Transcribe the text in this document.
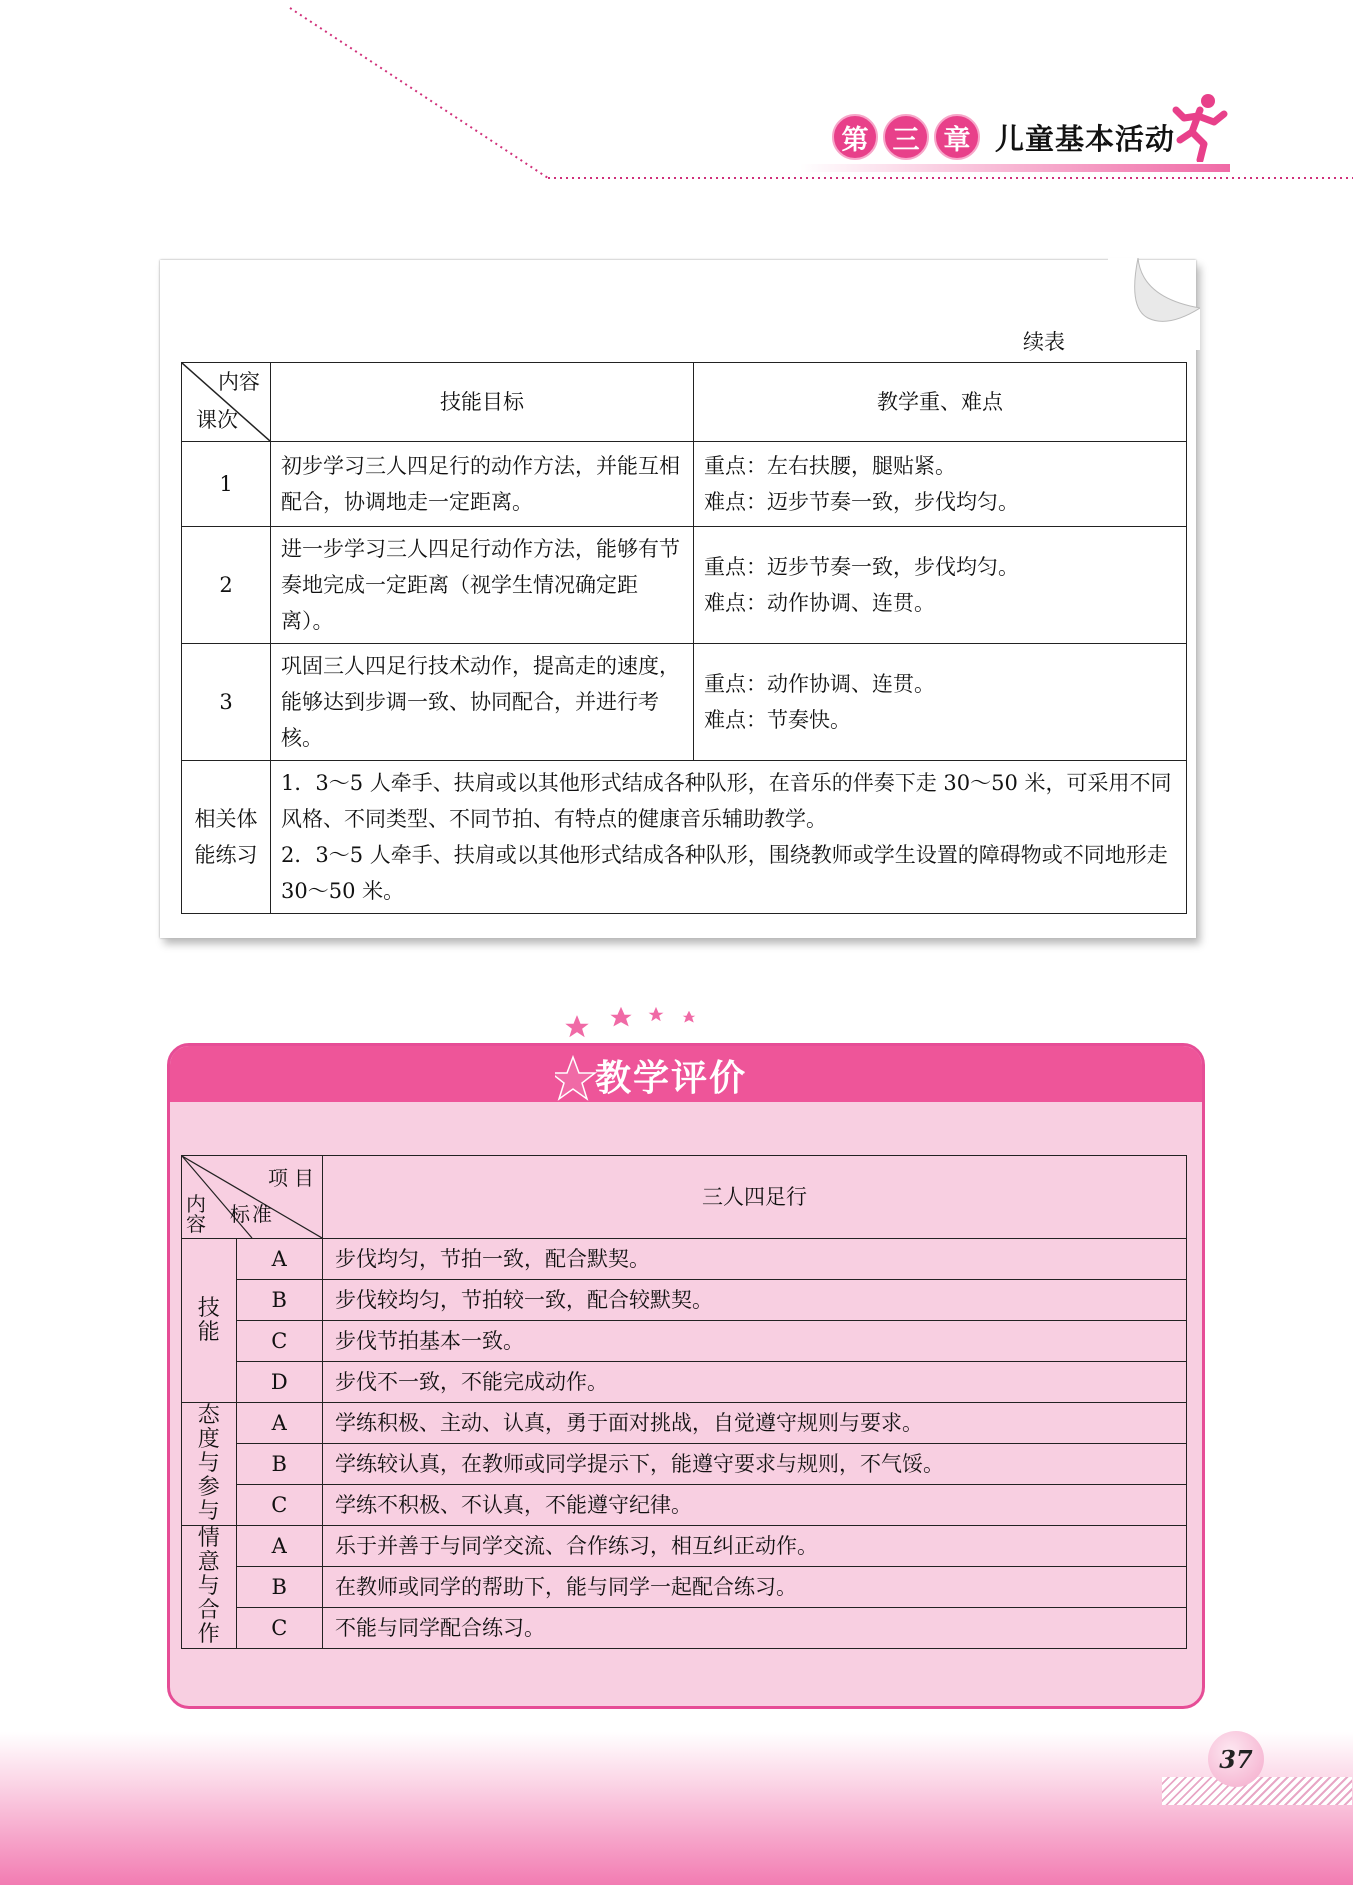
第 三 章 儿童基本活动
续表
内容
课次	技能目标	教学重、难点
1	初步学习三人四足行的动作方法，并能互相配合，协调地走一定距离。	重点：左右扶腰，腿贴紧。
难点：迈步节奏一致，步伐均匀。

2	进一步学习三人四足行动作方法，能够有节奏地完成一定距离（视学生情况确定距离）。	重点：迈步节奏一致，步伐均匀。
难点：动作协调、连贯。

3	巩固三人四足行技术动作，提高走的速度，能够达到步调一致、协同配合，并进行考核。	重点：动作协调、连贯。
难点：节奏快。

相关体能练习	1．3～5 人牵手、扶肩或以其他形式结成各种队形，在音乐的伴奏下走 30～50 米，可采用不同风格、不同类型、不同节拍、有特点的健康音乐辅助教学。
2．3～5 人牵手、扶肩或以其他形式结成各种队形，围绕教师或学生设置的障碍物或不同地形走 30～50 米。	
教学评价
项目
标准
内容		三人四足行
技能	A	步伐均匀，节拍一致，配合默契。
	B	步伐较均匀，节拍较一致，配合较默契。
	C	步伐节拍基本一致。
	D	步伐不一致，不能完成动作。
态度与参与	A	学练积极、主动、认真，勇于面对挑战，自觉遵守规则与要求。
	B	学练较认真，在教师或同学提示下，能遵守要求与规则，不气馁。
	C	学练不积极、不认真，不能遵守纪律。
情意与合作	A	乐于并善于与同学交流、合作练习，相互纠正动作。
	B	在教师或同学的帮助下，能与同学一起配合练习。
	C	不能与同学配合练习。
37
